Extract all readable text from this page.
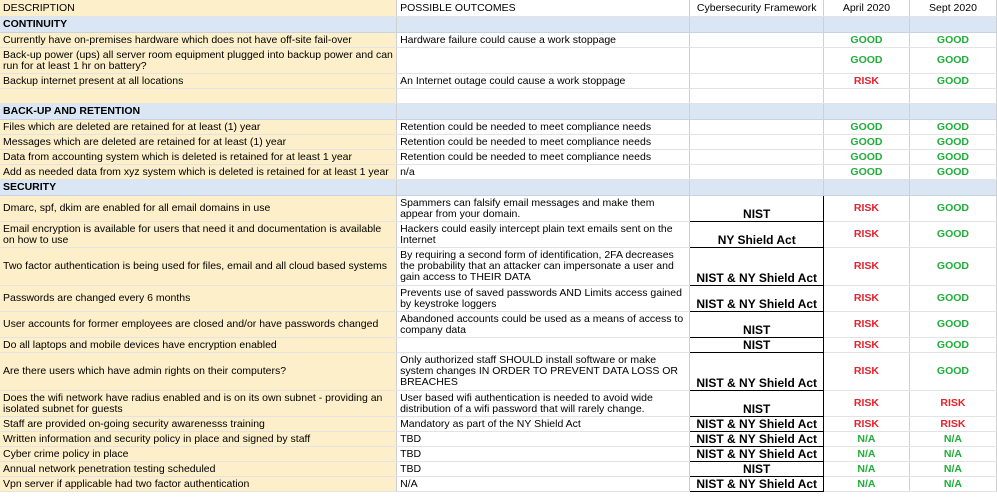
DESCRIPTION	POSSIBLE OUTCOMES	Cybersecurity Framework	April 2020	Sept 2020
CONTINUITY				
Currently have on-premises hardware which does not have off-site fail-over	Hardware failure could cause a work stoppage		GOOD	GOOD
Back-up power (ups) all server room equipment plugged into backup power and can run for at least 1 hr on battery?			GOOD	GOOD
Backup internet present at all locations	An Internet outage could cause a work stoppage		RISK	GOOD

BACK-UP AND RETENTION				
Files which are deleted are retained for at least (1) year	Retention could be needed to meet compliance needs		GOOD	GOOD
Messages which are deleted are retained for at least (1) year	Retention could be needed to meet compliance needs		GOOD	GOOD
Data from accounting system which is deleted is retained for at least 1 year	Retention could be needed to meet compliance needs		GOOD	GOOD
Add as needed data from xyz system which is deleted is retained for at least 1 year	n/a		GOOD	GOOD
SECURITY				
Dmarc, spf, dkim are enabled for all email domains in use	Spammers can falsify email messages and make them appear from your domain.	NIST	RISK	GOOD
Email encryption is available for users that need it and documentation is available on how to use	Hackers could easily intercept plain text emails sent on the Internet	NY Shield Act	RISK	GOOD
Two factor authentication is being used for files, email and all cloud based systems	By requiring a second form of identification, 2FA decreases the probability that an attacker can impersonate a user and gain access to THEIR DATA	NIST & NY Shield Act	RISK	GOOD
Passwords are changed every 6 months	Prevents use of saved passwords AND Limits access gained by keystroke loggers	NIST & NY Shield Act	RISK	GOOD
User accounts for former employees are closed and/or have passwords changed	Abandoned accounts could be used as a means of access to company data	NIST	RISK	GOOD
Do all laptops and mobile devices have encryption enabled		NIST	RISK	GOOD
Are there users which have admin rights on their computers?	Only authorized staff SHOULD install software or make system changes IN ORDER TO PREVENT DATA LOSS OR BREACHES	NIST & NY Shield Act	RISK	GOOD
Does the wifi network have radius enabled and is on its own subnet - providing an isolated subnet for guests	User based wifi authentication is needed to avoid wide distribution of a wifi password that will rarely change.	NIST	RISK	RISK
Staff are provided on-going security awarenesss training	Mandatory as part of the NY Shield Act	NIST & NY Shield Act	RISK	RISK
Written information and security policy in place and signed by staff	TBD	NIST & NY Shield Act	N/A	N/A
Cyber crime policy in place	TBD	NIST & NY Shield Act	N/A	N/A
Annual network penetration testing scheduled	TBD	NIST	N/A	N/A
Vpn server if applicable had two factor authentication	N/A	NIST & NY Shield Act	N/A	N/A
